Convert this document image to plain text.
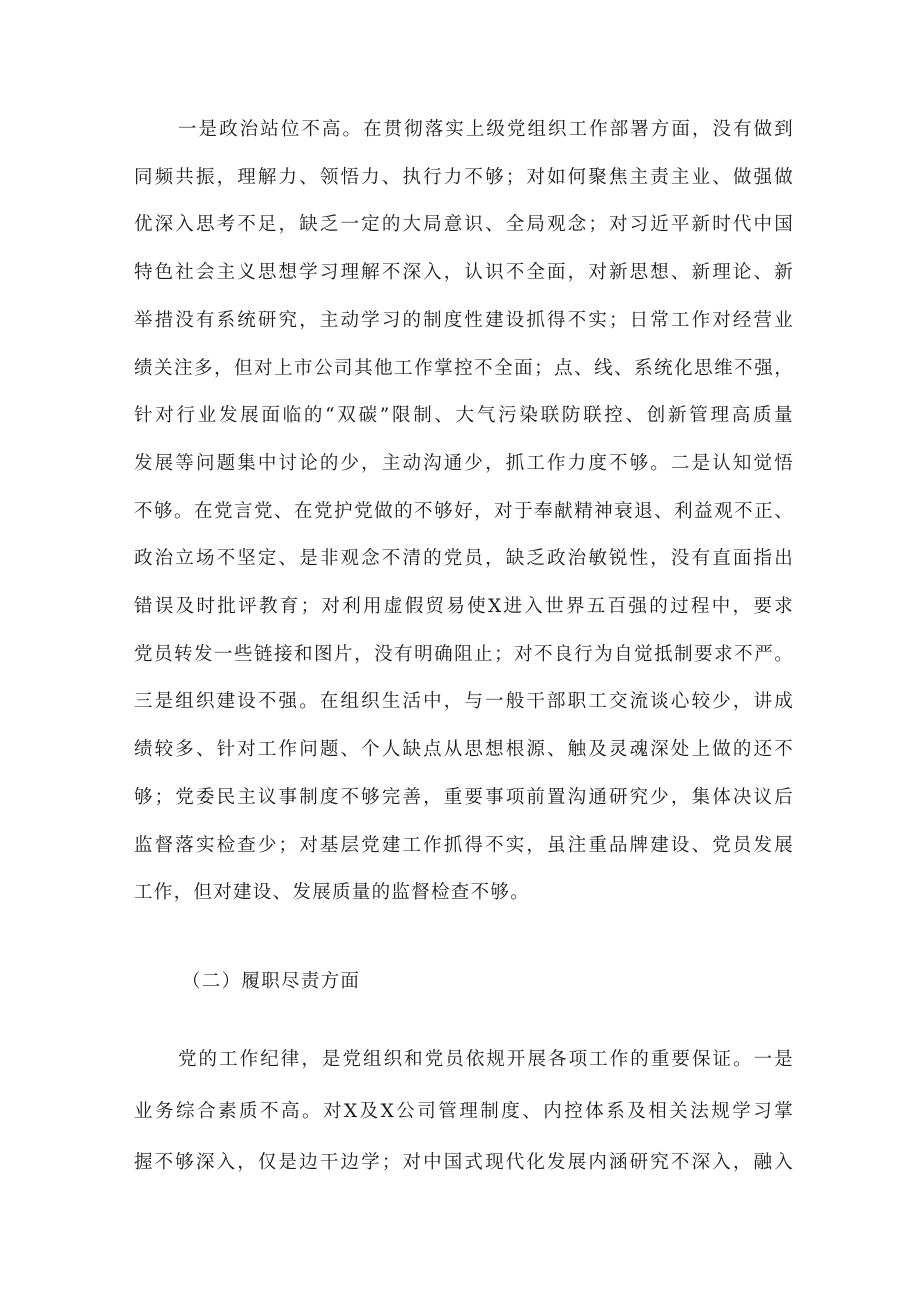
一是政治站位不高。在贯彻落实上级党组织工作部署方面，没有做到
同频共振，理解力、领悟力、执行力不够；对如何聚焦主责主业、做强做
优深入思考不足，缺乏一定的大局意识、全局观念；对习近平新时代中国
特色社会主义思想学习理解不深入，认识不全面，对新思想、新理论、新
举措没有系统研究，主动学习的制度性建设抓得不实；日常工作对经营业
绩关注多，但对上市公司其他工作掌控不全面；点、线、系统化思维不强，
针对行业发展面临的“双碳”限制、大气污染联防联控、创新管理高质量
发展等问题集中讨论的少，主动沟通少，抓工作力度不够。二是认知觉悟
不够。在党言党、在党护党做的不够好，对于奉献精神衰退、利益观不正、
政治立场不坚定、是非观念不清的党员，缺乏政治敏锐性，没有直面指出
错误及时批评教育；对利用虚假贸易使X进入世界五百强的过程中，要求
党员转发一些链接和图片，没有明确阻止；对不良行为自觉抵制要求不严。
三是组织建设不强。在组织生活中，与一般干部职工交流谈心较少，讲成
绩较多、针对工作问题、个人缺点从思想根源、触及灵魂深处上做的还不
够；党委民主议事制度不够完善，重要事项前置沟通研究少，集体决议后
监督落实检查少；对基层党建工作抓得不实，虽注重品牌建设、党员发展
工作，但对建设、发展质量的监督检查不够。
（二）履职尽责方面
党的工作纪律，是党组织和党员依规开展各项工作的重要保证。一是
业务综合素质不高。对X及X公司管理制度、内控体系及相关法规学习掌
握不够深入，仅是边干边学；对中国式现代化发展内涵研究不深入，融入
